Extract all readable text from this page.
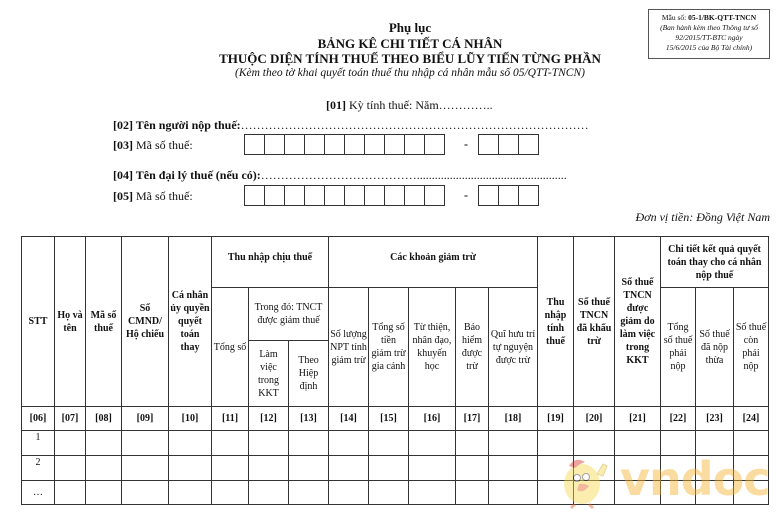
Mẫu số: 05-1/BK-QTT-TNCN
(Ban hành kèm theo Thông tư số
92/2015/TT-BTC ngày
15/6/2015 của Bộ Tài chính)
Phụ lục
BẢNG KÊ CHI TIẾT CÁ NHÂN
THUỘC DIỆN TÍNH THUẾ THEO BIỂU LŨY TIẾN TỪNG PHẦN
(Kèm theo tờ khai quyết toán thuế thu nhập cá nhân mẫu số 05/QTT-TNCN)
[01] Kỳ tính thuế: Năm…………..
[02] Tên người nộp thuế:……………………………………………………………………………
[03] Mã số thuế:	-
[04] Tên đại lý thuế (nếu có):…………………………………..................................................
[05] Mã số thuế:	-
Đơn vị tiền: Đồng Việt Nam
STT	Họ và tên	Mã số thuế	Số CMND/ Hộ chiếu	Cá nhân ủy quyền quyết toán thay	Thu nhập chịu thuế			Các khoản giảm trừ					Thu nhập tính thuế	Số thuế TNCN đã khấu trừ	Số thuế TNCN được giảm do làm việc trong KKT	Chi tiết kết quả quyết toán thay cho cá nhân nộp thuế		
					Tổng số	Trong đó: TNCT được giảm thuế		Số lượng NPT tính giảm trừ	Tổng số tiền giảm trừ gia cảnh	Từ thiện, nhân đạo, khuyến học	Bảo hiểm được trừ	Quĩ hưu trí tự nguyện được trừ				Tổng số thuế phải nộp	Số thuế đã nộp thừa	Số thuế còn phải nộp
						Làm việc trong KKT	Theo Hiệp định											
[06]	[07]	[08]	[09]	[10]	[11]	[12]	[13]	[14]	[15]	[16]	[17]	[18]	[19]	[20]	[21]	[22]	[23]	[24]
1																		
2																		
…																			vndoc
